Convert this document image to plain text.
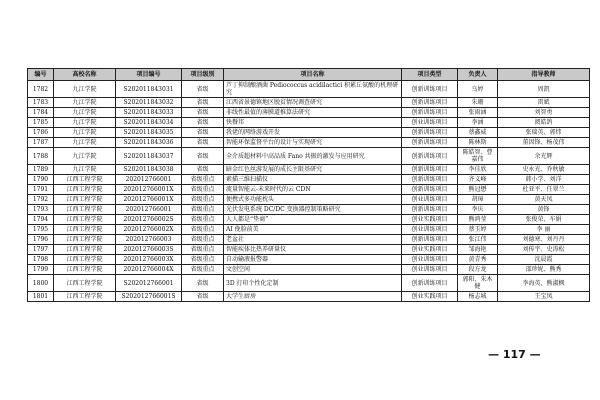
编号	高校名称	项目编号	项目级别	项目名称	项目类型	负责人	指导教师
1782	九江学院	S202011843031	省级	芦丁抑制酿酒菌 Pediococcus acidilactici 积累丘氨酸的机理研究	创新训练项目	乌婷	周凯
1783	九江学院	S202011843032	省级	江西省景德镇地区脱贫情况调查研究	创新训练项目	朱珊	雷斌
1784	九江学院	S202011843033	省级	非线性最值的薄膜道推算法研究	创新训练项目	张雨涵	刘智勇
1785	九江学院	S202011843034	省级	快餐邦	创业训练项目	李涵	阅皓鸽
1786	九江学院	S202011843035	省级	我佬的网络游戏开发	创新训练项目	蔡鑫威	张瑞英、郭炜
1787	九江学院	S202011843036	省级	智能环保监督平台的设计与实现研究	创新训练项目	陈林斯	董因锋、杨茂伟
1788	九江学院	S202011843037	省级	全介质超材料中高品质 Fano 共振的激发与应用研究	创新训练项目	陈皓智、曹嘉伟	余光辉
1789	九江学院	S202011843038	省级	暗金红色丝游发展的成长主限基研究	创新训练项目	李佳欣	史永光、乔秋敏
1790	江西工程学院	202012766001	省级重点	素描三维扫描仪	创新训练项目	齐义峰	韩小学、刘洋
1791	江西工程学院	202012766001X	省级重点	流量智能云-未来时代的云 CDN	创新训练项目	熊冠懋	杜亚平、任翠兰
1792	江西工程学院	202012766001X	省级重点	便携式多功能枕头	创业训练项目	胡璋	黄天凤
1793	江西工程学院	202012766001	省级重点	光伏发电系统 DC/DC 变换器控制策略研究	创新训练项目	李庆	黄锋
1794	江西工程学院	202012766002S	省级重点	人人都是“垫商”	创业实践项目	熊鸿莹	张俊荣、车娟
1795	江西工程学院	202012766002X	省级重点	AI 俛脸前美	创业训练项目	蔡玉婷	李 丽
1796	江西工程学院	202012766003	省级重点	老盆社	创新训练项目	张江伟	刘德寒、刘丹丹
1797	江西工程学院	202012766003S	省级重点	智能疾体比热养研量仪	创业实践项目	邹海艳	刘传宇、史涛松
1798	江西工程学院	202012766003X	省级重点	自动输液报警器	创业训练项目	黄青秀	沈晨霞
1799	江西工程学院	202012766004X	省级重点	文创空间	创业训练项目	段方龙	邵珍妮、熊秀
1800	江西工程学院	S202012766001	省级	3D 打印个性化定制	创新训练项目	郭阳、朱木健	李海英、熊淑枫
1801	江西工程学院	S202012766001S	省级	大学生厨房	创业实践项目	杨志城	王宝凤
— 117 —
